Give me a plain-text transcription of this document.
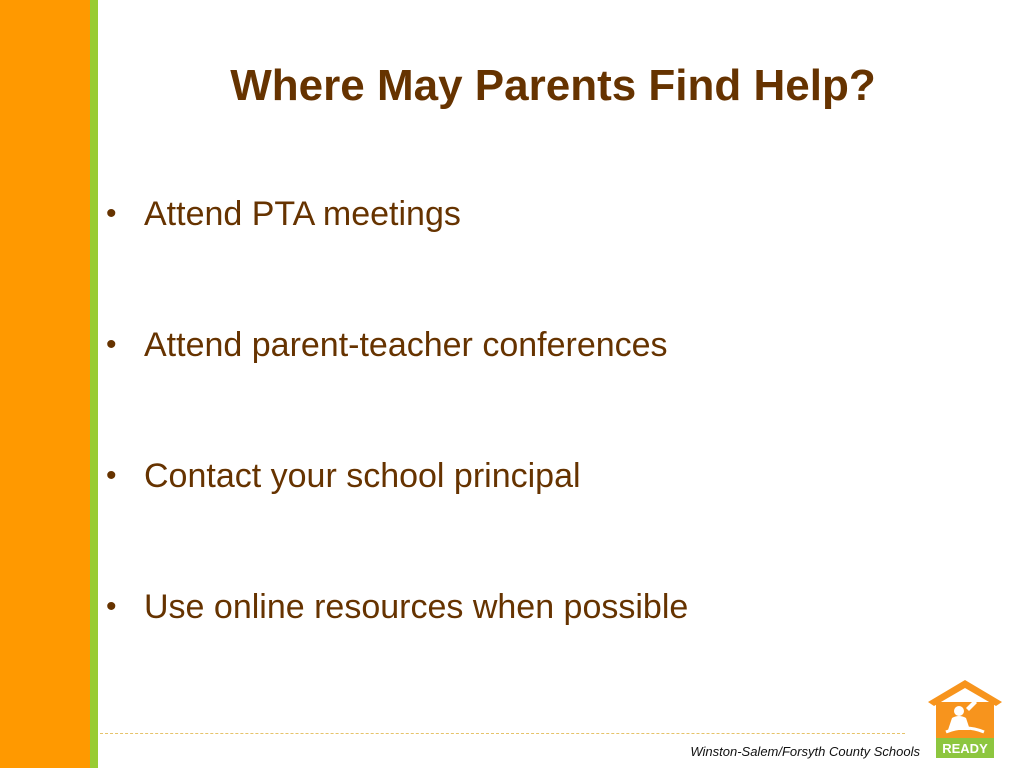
Where May Parents Find Help?
• Attend PTA meetings
• Attend parent-teacher conferences
• Contact your school principal
• Use online resources when possible
Winston-Salem/Forsyth County Schools READY
